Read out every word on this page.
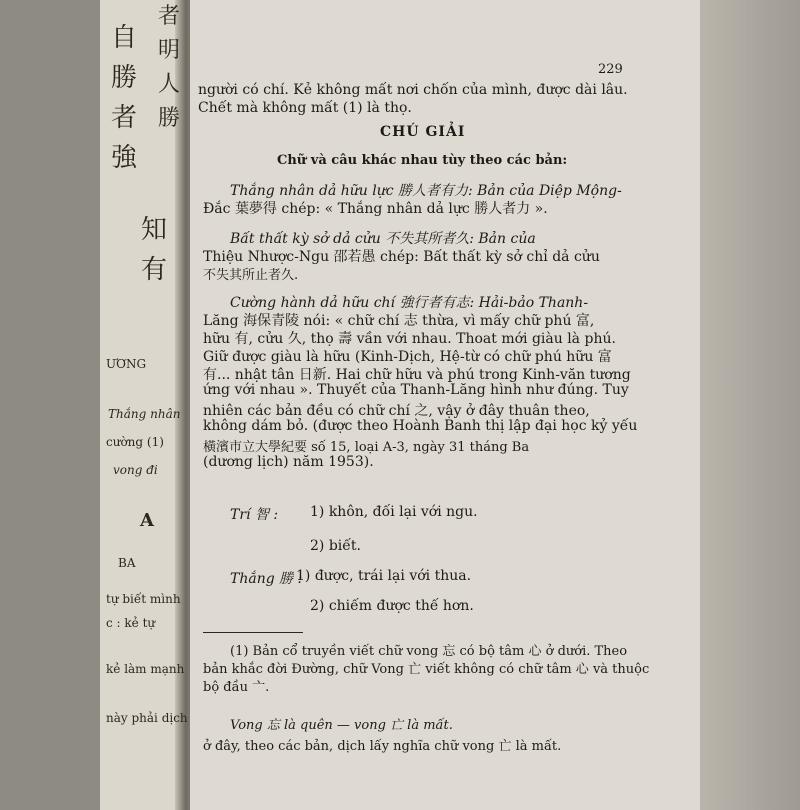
自
勝
者
強
知
有
者
明
人
勝
ƯƠNG
Thắng nhân
cường (1)
vong đi
A
BA
tự biết mình
c : kẻ tự
kẻ làm mạnh
này phải dịch
229
người có chí. Kẻ không mất nơi chốn của mình, được dài lâu.
Chết mà không mất (1) là thọ.
CHÚ GIẢI
Chữ và câu khác nhau tùy theo các bản:
Thắng nhân dả hữu lực 勝人者有力: Bản của Diệp Mộng-
Đắc 葉夢得 chép: « Thắng nhân dả lực 勝人者力 ».
Bất thất kỳ sở dả cửu 不失其所者久: Bản của
Thiệu Nhược-Ngu 邵若愚 chép: Bất thất kỳ sở chỉ dả cửu
不失其所止者久.
Cường hành dả hữu chí 強行者有志: Hải-bảo Thanh-
Lăng 海保青陵 nói: « chữ chí 志 thừa, vì mấy chữ phú 富,
hữu 有, cửu 久, thọ 壽 vần với nhau. Thoat mới giàu là phú.
Giữ được giàu là hữu (Kinh-Dịch, Hệ-từ có chữ phú hữu 富
有... nhật tân 日新. Hai chữ hữu và phú trong Kinh-văn tương
ứng với nhau ». Thuyết của Thanh-Lăng hình như đúng. Tuy
nhiên các bản đều có chữ chí 之, vậy ở đây thuân theo,
không dám bỏ. (được theo Hoành Banh thị lập đại học kỷ yếu
橫濱市立大學紀要 số 15, loại A-3, ngày 31 tháng Ba
(dương lịch) năm 1953).
Trí 智 : 1) khôn, đối lại với ngu.
2) biết.
Thắng 勝 :
1) được, trái lại với thua.
2) chiếm được thế hơn.
(1) Bản cổ truyền viết chữ vong 忘 có bộ tâm 心 ở dưới. Theo
bản khắc đời Đường, chữ Vong 亡 viết không có chữ tâm 心 và thuộc
bộ đầu 亠.
Vong 忘 là quên — vong 亡 là mất.
ở đây, theo các bản, dịch lấy nghĩa chữ vong 亡 là mất.
